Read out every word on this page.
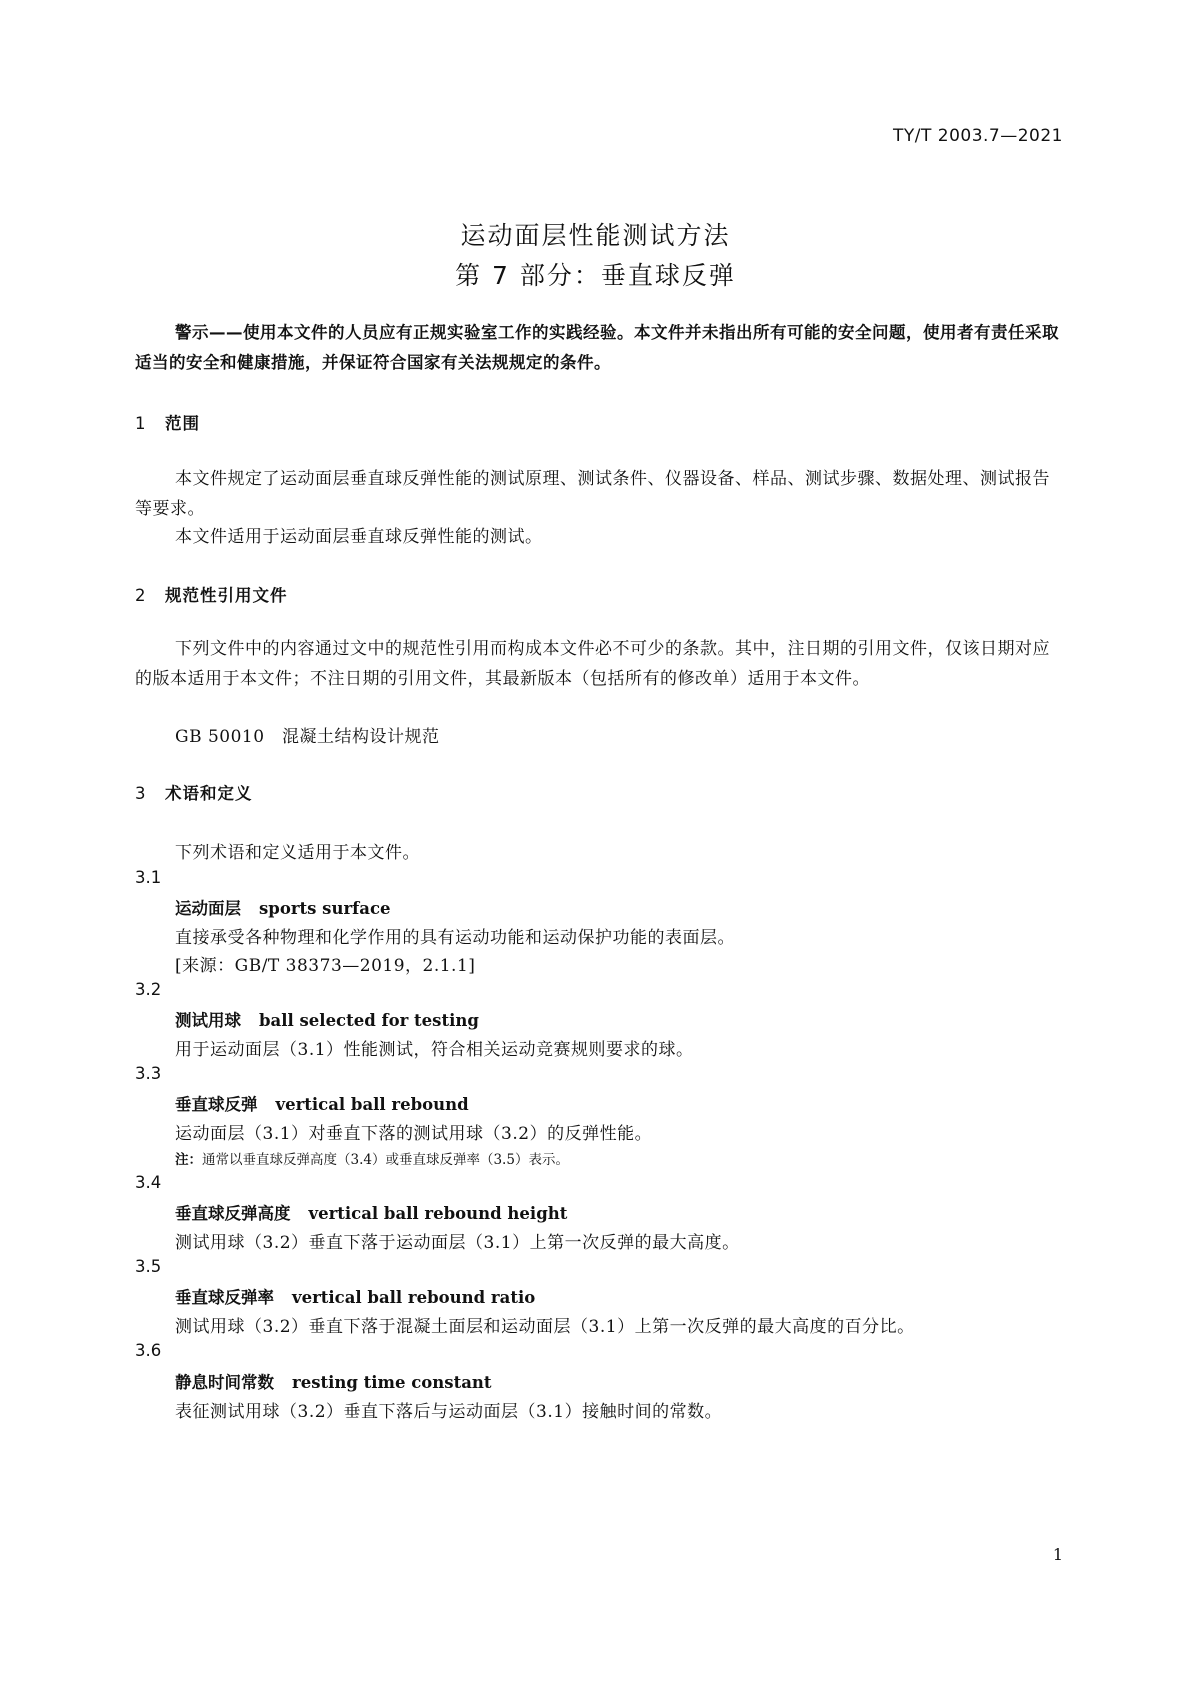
TY/T 2003.7—2021
运动面层性能测试方法
第 7 部分：垂直球反弹
警示——使用本文件的人员应有正规实验室工作的实践经验。本文件并未指出所有可能的安全问题，使用者有责任采取适当的安全和健康措施，并保证符合国家有关法规规定的条件。
1 范围
本文件规定了运动面层垂直球反弹性能的测试原理、测试条件、仪器设备、样品、测试步骤、数据处理、测试报告等要求。
本文件适用于运动面层垂直球反弹性能的测试。
2 规范性引用文件
下列文件中的内容通过文中的规范性引用而构成本文件必不可少的条款。其中，注日期的引用文件，仅该日期对应的版本适用于本文件；不注日期的引用文件，其最新版本（包括所有的修改单）适用于本文件。
GB 50010　混凝土结构设计规范
3 术语和定义
下列术语和定义适用于本文件。
3.1
运动面层 sports surface
直接承受各种物理和化学作用的具有运动功能和运动保护功能的表面层。
[来源：GB/T 38373—2019，2.1.1]
3.2
测试用球 ball selected for testing
用于运动面层（3.1）性能测试，符合相关运动竞赛规则要求的球。
3.3
垂直球反弹 vertical ball rebound
运动面层（3.1）对垂直下落的测试用球（3.2）的反弹性能。
注：通常以垂直球反弹高度（3.4）或垂直球反弹率（3.5）表示。
3.4
垂直球反弹高度 vertical ball rebound height
测试用球（3.2）垂直下落于运动面层（3.1）上第一次反弹的最大高度。
3.5
垂直球反弹率 vertical ball rebound ratio
测试用球（3.2）垂直下落于混凝土面层和运动面层（3.1）上第一次反弹的最大高度的百分比。
3.6
静息时间常数 resting time constant
表征测试用球（3.2）垂直下落后与运动面层（3.1）接触时间的常数。
1
